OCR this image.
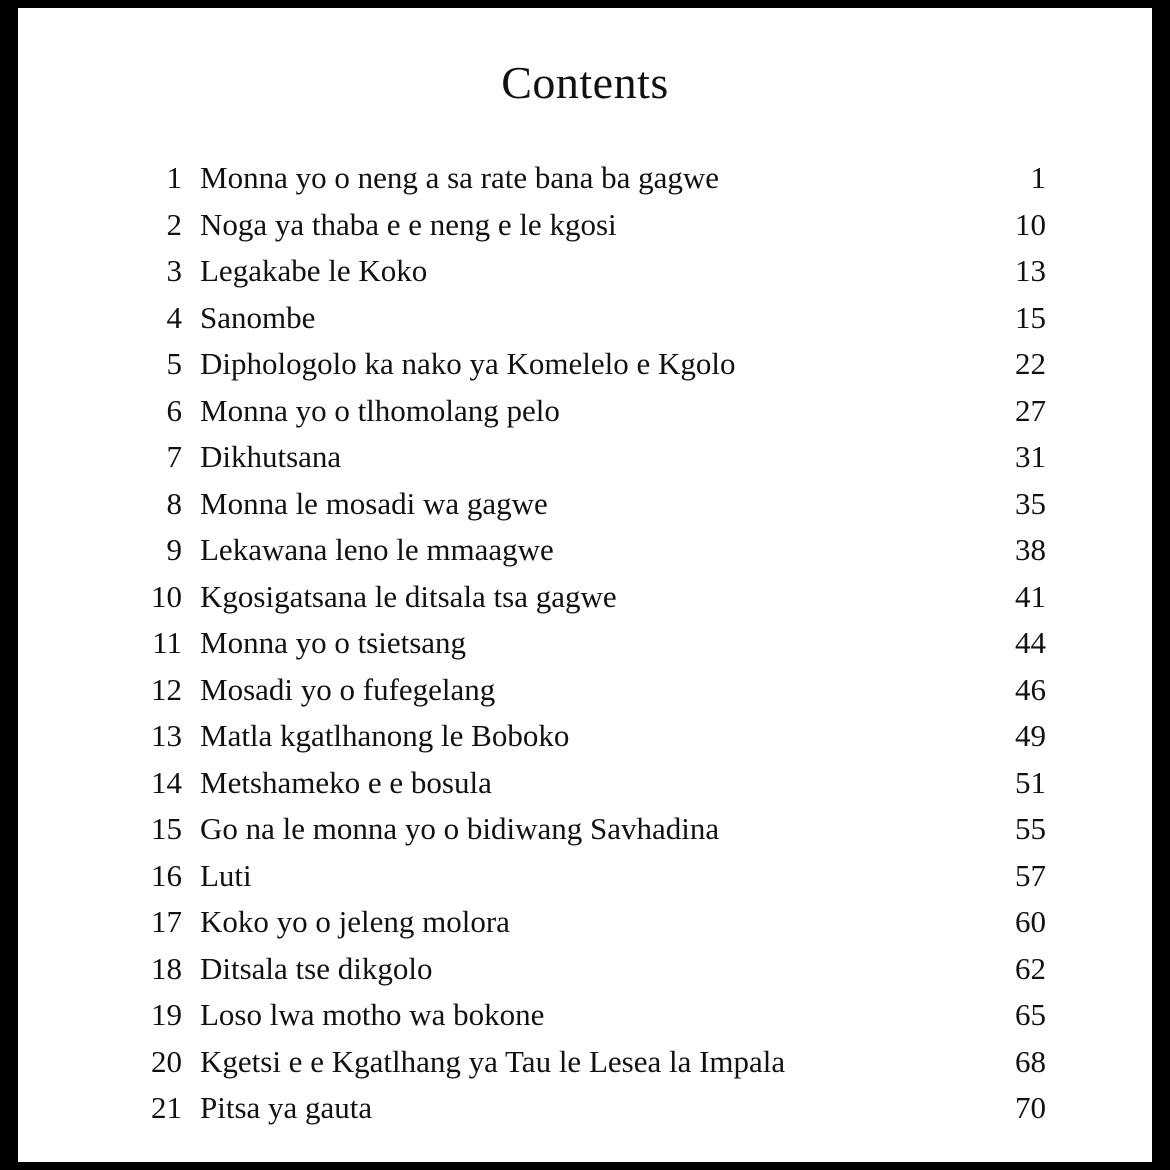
Contents
1 Monna yo o neng a sa rate bana ba gagwe	1
2 Noga ya thaba e e neng e le kgosi	10
3 Legakabe le Koko	13
4 Sanombe	15
5 Diphologolo ka nako ya Komelelo e Kgolo	22
6 Monna yo o tlhomolang pelo	27
7 Dikhutsana	31
8 Monna le mosadi wa gagwe	35
9 Lekawana leno le mmaagwe	38
10 Kgosigatsana le ditsala tsa gagwe	41
11 Monna yo o tsietsang	44
12 Mosadi yo o fufegelang	46
13 Matla kgatlhanong le Boboko	49
14 Metshameko e e bosula	51
15 Go na le monna yo o bidiwang Savhadina	55
16 Luti	57
17 Koko yo o jeleng molora	60
18 Ditsala tse dikgolo	62
19 Loso lwa motho wa bokone	65
20 Kgetsi e e Kgatlhang ya Tau le Lesea la Impala	68
21 Pitsa ya gauta	70
